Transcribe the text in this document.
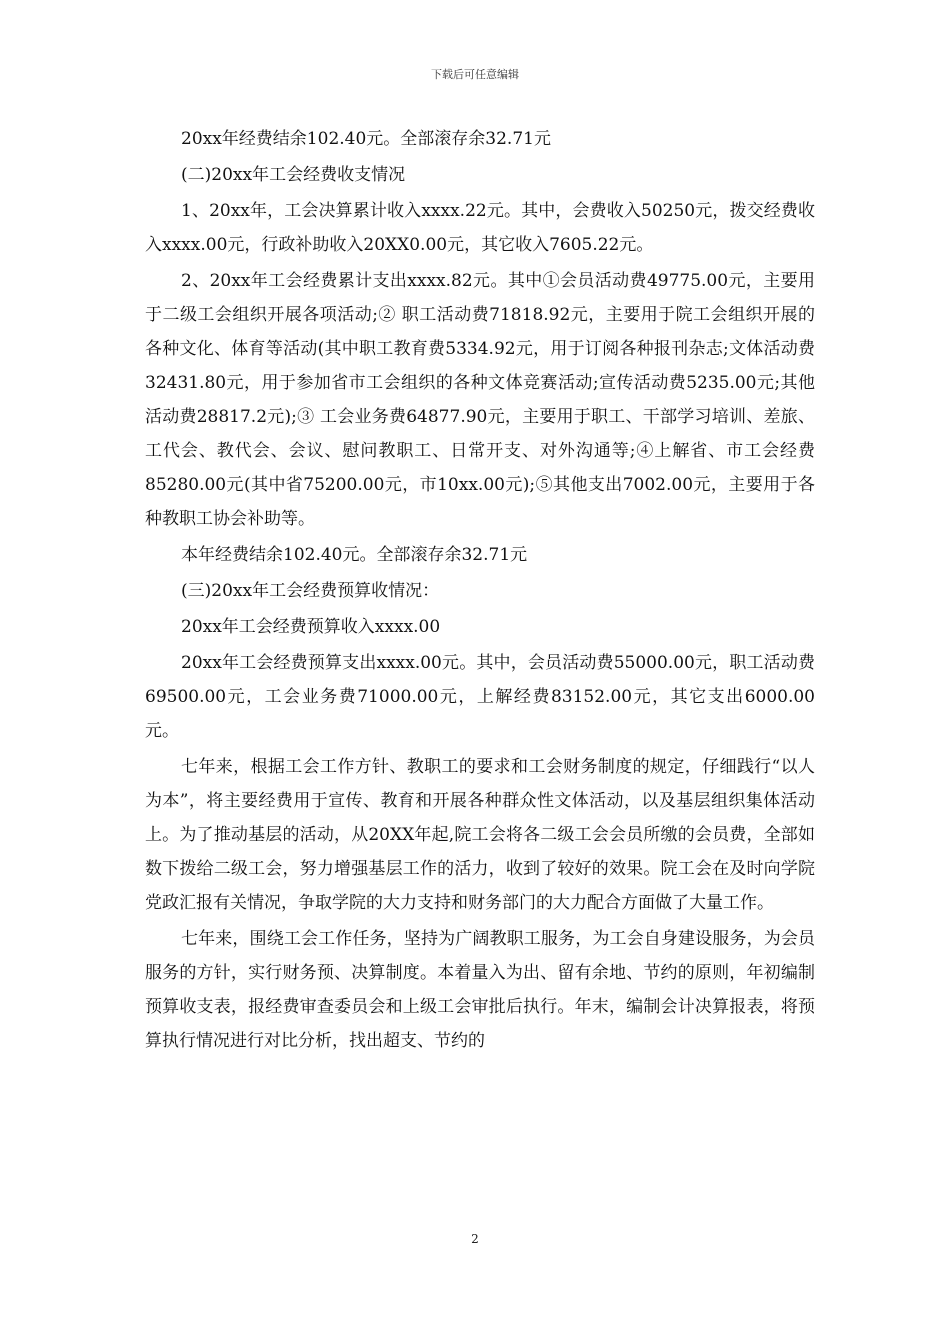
下载后可任意编辑

20xx年经费结余102.40元。全部滚存余32.71元

(二)20xx年工会经费收支情况

1、20xx年，工会决算累计收入xxxx.22元。其中，会费收入50250元，拨交经费收入xxxx.00元，行政补助收入20XX0.00元，其它收入7605.22元。

2、20xx年工会经费累计支出xxxx.82元。其中①会员活动费49775.00元，主要用于二级工会组织开展各项活动;② 职工活动费71818.92元，主要用于院工会组织开展的各种文化、体育等活动(其中职工教育费5334.92元，用于订阅各种报刊杂志;文体活动费32431.80元，用于参加省市工会组织的各种文体竞赛活动;宣传活动费5235.00元;其他活动费28817.2元);③ 工会业务费64877.90元，主要用于职工、干部学习培训、差旅、工代会、教代会、会议、慰问教职工、日常开支、对外沟通等;④上解省、市工会经费85280.00元(其中省75200.00元，市10xx.00元);⑤其他支出7002.00元，主要用于各种教职工协会补助等。

本年经费结余102.40元。全部滚存余32.71元

(三)20xx年工会经费预算收情况：

20xx年工会经费预算收入xxxx.00

20xx年工会经费预算支出xxxx.00元。其中，会员活动费55000.00元，职工活动费69500.00元，工会业务费71000.00元，上解经费83152.00元，其它支出6000.00元。

七年来，根据工会工作方针、教职工的要求和工会财务制度的规定，仔细践行“以人为本”，将主要经费用于宣传、教育和开展各种群众性文体活动，以及基层组织集体活动上。为了推动基层的活动，从20XX年起,院工会将各二级工会会员所缴的会员费，全部如数下拨给二级工会，努力增强基层工作的活力，收到了较好的效果。院工会在及时向学院党政汇报有关情况，争取学院的大力支持和财务部门的大力配合方面做了大量工作。

七年来，围绕工会工作任务，坚持为广阔教职工服务，为工会自身建设服务，为会员服务的方针，实行财务预、决算制度。本着量入为出、留有余地、节约的原则，年初编制预算收支表，报经费审查委员会和上级工会审批后执行。年末，编制会计决算报表，将预算执行情况进行对比分析，找出超支、节约的

2
